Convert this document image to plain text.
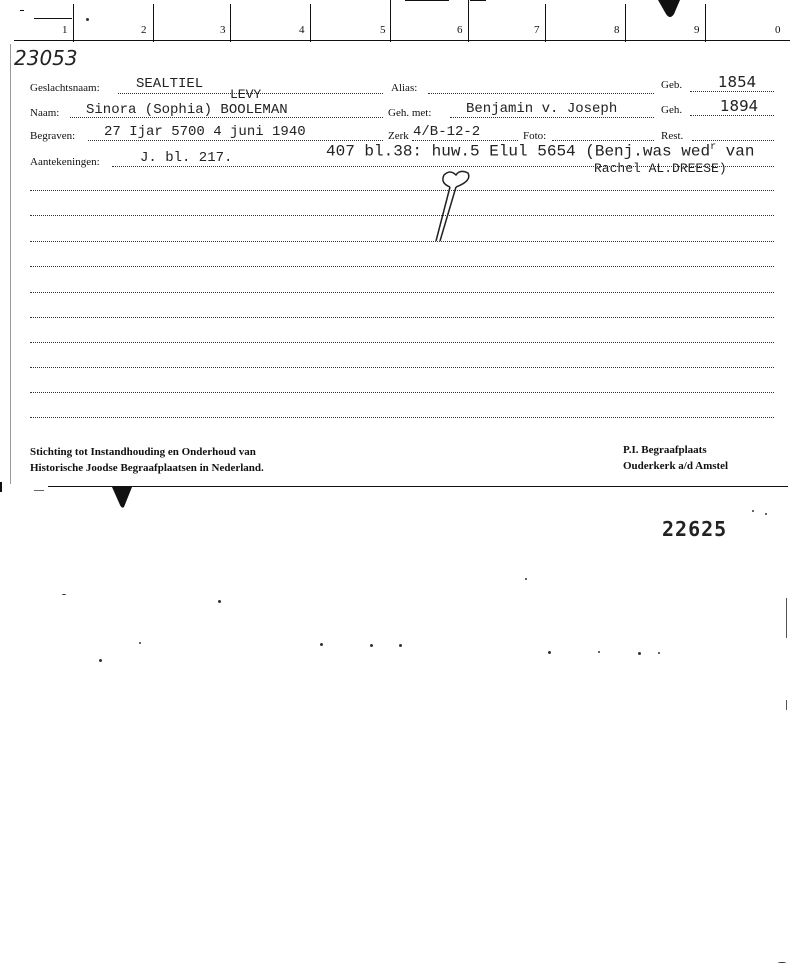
1	2	3	4	5	6	7	8	9	0
23053
Geslachtsnaam:	SEALTIEL	Alias:	Geb. 1854
LEVY
Naam: Sinora (Sophia) BOOLEMAN	Geh. met: Benjamin v. Joseph	Geh.	1894
Begraven: 27 Ijar 5700 4 juni 1940	Zerk 4/B-12-2	Foto:	Rest.
Aantekeningen:	J. bl. 217.	407 bl.38: huw.5 Elul 5654 (Benj.was wed$^r$ van
Rachel AL.DREESE)
Stichting tot Instandhouding en Onderhoud van
Historische Joodse Begraafplaatsen in Nederland.
P.I. Begraafplaats
Ouderkerk a/d Amstel
22625
